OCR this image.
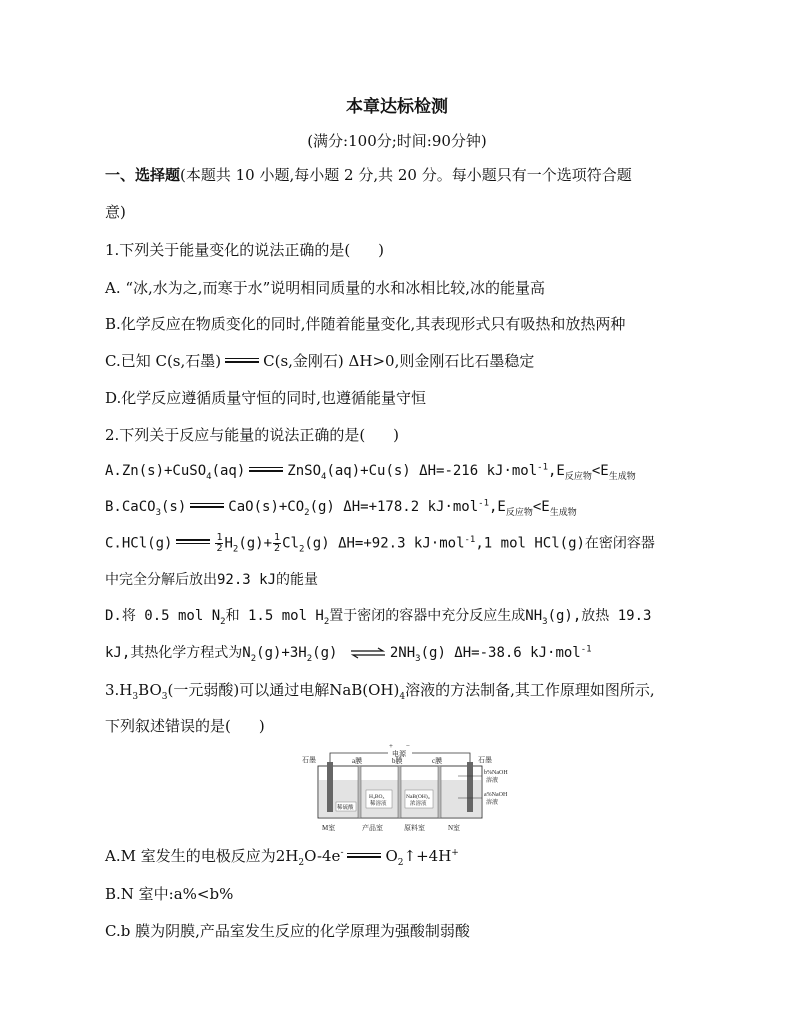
本章达标检测
(满分:100分;时间:90分钟)
一、选择题(本题共 10 小题,每小题 2 分,共 20 分。每小题只有一个选项符合题
意)
1.下列关于能量变化的说法正确的是( )
A. “冰,水为之,而寒于水”说明相同质量的水和冰相比较,冰的能量高
B.化学反应在物质变化的同时,伴随着能量变化,其表现形式只有吸热和放热两种
C.已知 C(s,石墨)	C(s,金刚石) ΔH>0,则金刚石比石墨稳定
D.化学反应遵循质量守恒的同时,也遵循能量守恒
2.下列关于反应与能量的说法正确的是( )
A.Zn(s)+CuSO$_4$(aq)	ZnSO$_4$(aq)+Cu(s) ΔH=-216 $kJ\cdot mol^{-1},E_{反应物}<E_{生成物}$
B.CaCO$_3$(s)	$CaO(s)+CO_2(g)$ ΔH=+178.2 $kJ\cdot mol^{-1},E_{反应物}<E_{生成物}$
C.HCl(g)	$\frac{1}{2} H_2(g)+ \frac{1}{2} Cl_2(g)$ ΔH=+92.3 kJ·mol$^{-1}$,1 mol HCl(g)在密闭容器
中完全分解后放出92.3 kJ的能量
D.将 0.5 mol $N_2$和 1.5 mol $H_2$置于密闭的容器中充分反应生成$NH_3(g)$,放热 19.3
kJ,其热化学方程式为$N_2(g)+3H_2(g)$ ⇌ $2NH_3(g)$ ΔH=-38.6 kJ·mol$^{-1}$
$3.H_3BO_3$(一元弱酸)可以通过电解$NaB(OH)_4$溶液的方法制备,其工作原理如图所示,
下列叙述错误的是( )
+ −
电源
石墨	石墨
a膜	b膜	c膜
稀硫酸
H₃BO₃
稀溶液
NaB(OH)₄
浓溶液
b%NaOH
溶液
a%NaOH
溶液
M室	产品室	原料室	N室
A.M 室发生的电极反应为$2H_2O-4e^-$	$O_2↑+4H^+$
B.N 室中:a%<b%
C.b 膜为阴膜,产品室发生反应的化学原理为强酸制弱酸
